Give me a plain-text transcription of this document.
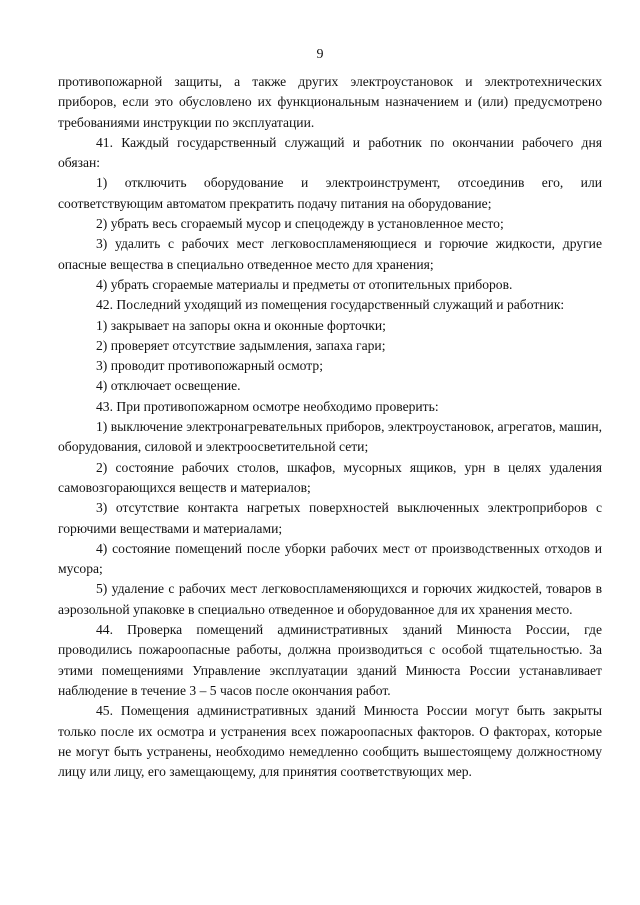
9

противопожарной защиты, а также других электроустановок и электротехнических приборов, если это обусловлено их функциональным назначением и (или) предусмотрено требованиями инструкции по эксплуатации.

41. Каждый государственный служащий и работник по окончании рабочего дня обязан:

1) отключить оборудование и электроинструмент, отсоединив его, или соответствующим автоматом прекратить подачу питания на оборудование;

2) убрать весь сгораемый мусор и спецодежду в установленное место;

3) удалить с рабочих мест легковоспламеняющиеся и горючие жидкости, другие опасные вещества в специально отведенное место для хранения;

4) убрать сгораемые материалы и предметы от отопительных приборов.

42. Последний уходящий из помещения государственный служащий и работник:

1) закрывает на запоры окна и оконные форточки;

2) проверяет отсутствие задымления, запаха гари;

3) проводит противопожарный осмотр;

4) отключает освещение.

43. При противопожарном осмотре необходимо проверить:

1) выключение электронагревательных приборов, электроустановок, агрегатов, машин, оборудования, силовой и электроосветительной сети;

2) состояние рабочих столов, шкафов, мусорных ящиков, урн в целях удаления самовозгорающихся веществ и материалов;

3) отсутствие контакта нагретых поверхностей выключенных электроприборов с горючими веществами и материалами;

4) состояние помещений после уборки рабочих мест от производственных отходов и мусора;

5) удаление с рабочих мест легковоспламеняющихся и горючих жидкостей, товаров в аэрозольной упаковке в специально отведенное и оборудованное для их хранения место.

44. Проверка помещений административных зданий Минюста России, где проводились пожароопасные работы, должна производиться с особой тщательностью. За этими помещениями Управление эксплуатации зданий Минюста России устанавливает наблюдение в течение 3 – 5 часов после окончания работ.

45. Помещения административных зданий Минюста России могут быть закрыты только после их осмотра и устранения всех пожароопасных факторов. О факторах, которые не могут быть устранены, необходимо немедленно сообщить вышестоящему должностному лицу или лицу, его замещающему, для принятия соответствующих мер.
